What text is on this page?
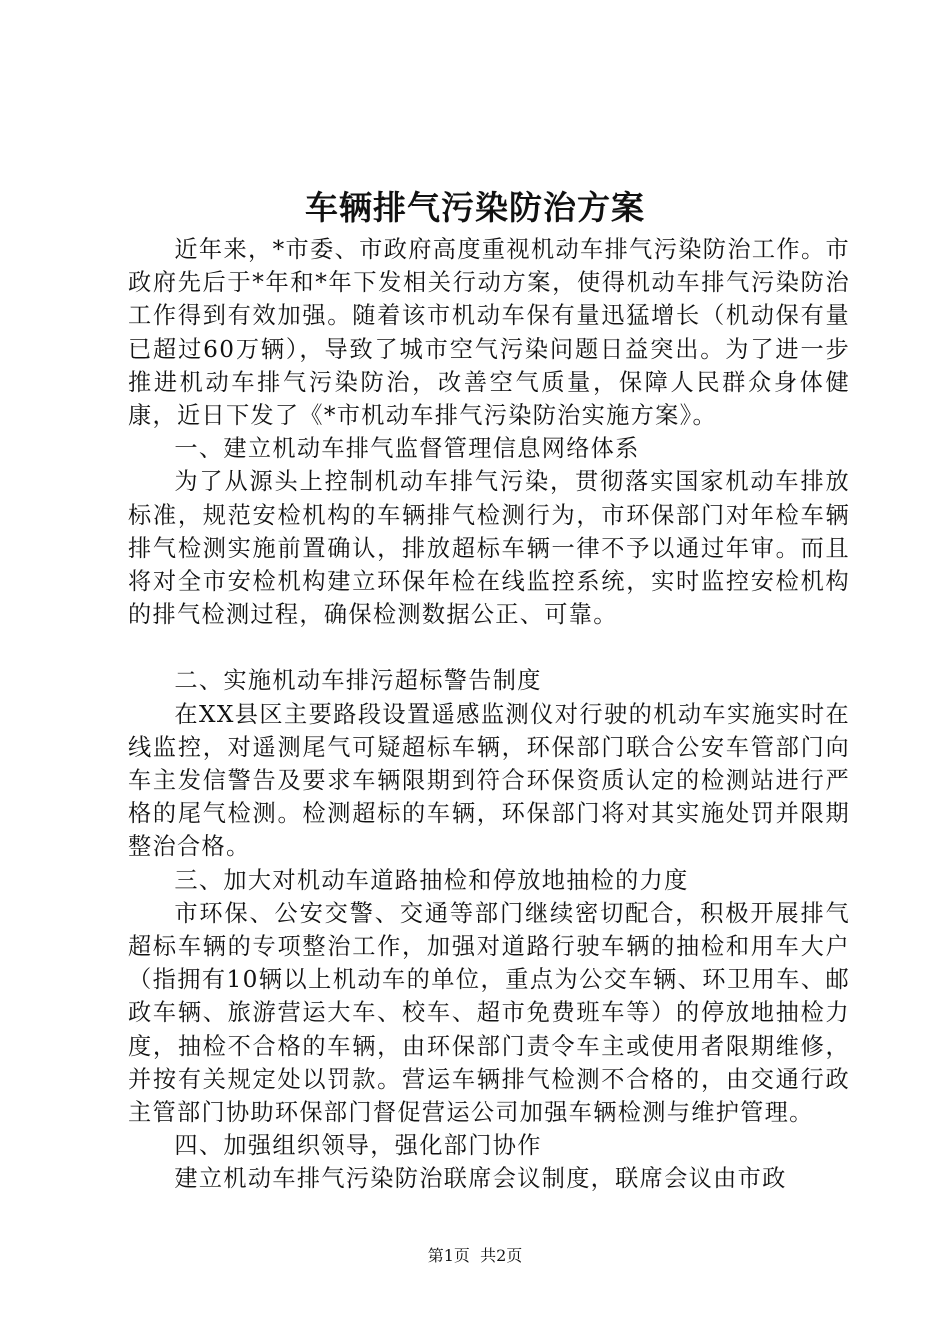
车辆排气污染防治方案

近年来，*市委、市政府高度重视机动车排气污染防治工作。市政府先后于*年和*年下发相关行动方案，使得机动车排气污染防治工作得到有效加强。随着该市机动车保有量迅猛增长（机动保有量已超过60万辆），导致了城市空气污染问题日益突出。为了进一步推进机动车排气污染防治，改善空气质量，保障人民群众身体健康，近日下发了《*市机动车排气污染防治实施方案》。

一、建立机动车排气监督管理信息网络体系

为了从源头上控制机动车排气污染，贯彻落实国家机动车排放标准，规范安检机构的车辆排气检测行为，市环保部门对年检车辆排气检测实施前置确认，排放超标车辆一律不予以通过年审。而且将对全市安检机构建立环保年检在线监控系统，实时监控安检机构的排气检测过程，确保检测数据公正、可靠。

二、实施机动车排污超标警告制度

在XX县区主要路段设置遥感监测仪对行驶的机动车实施实时在线监控，对遥测尾气可疑超标车辆，环保部门联合公安车管部门向车主发信警告及要求车辆限期到符合环保资质认定的检测站进行严格的尾气检测。检测超标的车辆，环保部门将对其实施处罚并限期整治合格。

三、加大对机动车道路抽检和停放地抽检的力度

市环保、公安交警、交通等部门继续密切配合，积极开展排气超标车辆的专项整治工作，加强对道路行驶车辆的抽检和用车大户（指拥有10辆以上机动车的单位，重点为公交车辆、环卫用车、邮政车辆、旅游营运大车、校车、超市免费班车等）的停放地抽检力度，抽检不合格的车辆，由环保部门责令车主或使用者限期维修，并按有关规定处以罚款。营运车辆排气检测不合格的，由交通行政主管部门协助环保部门督促营运公司加强车辆检测与维护管理。

四、加强组织领导，强化部门协作

建立机动车排气污染防治联席会议制度，联席会议由市政

第1页  共2页
